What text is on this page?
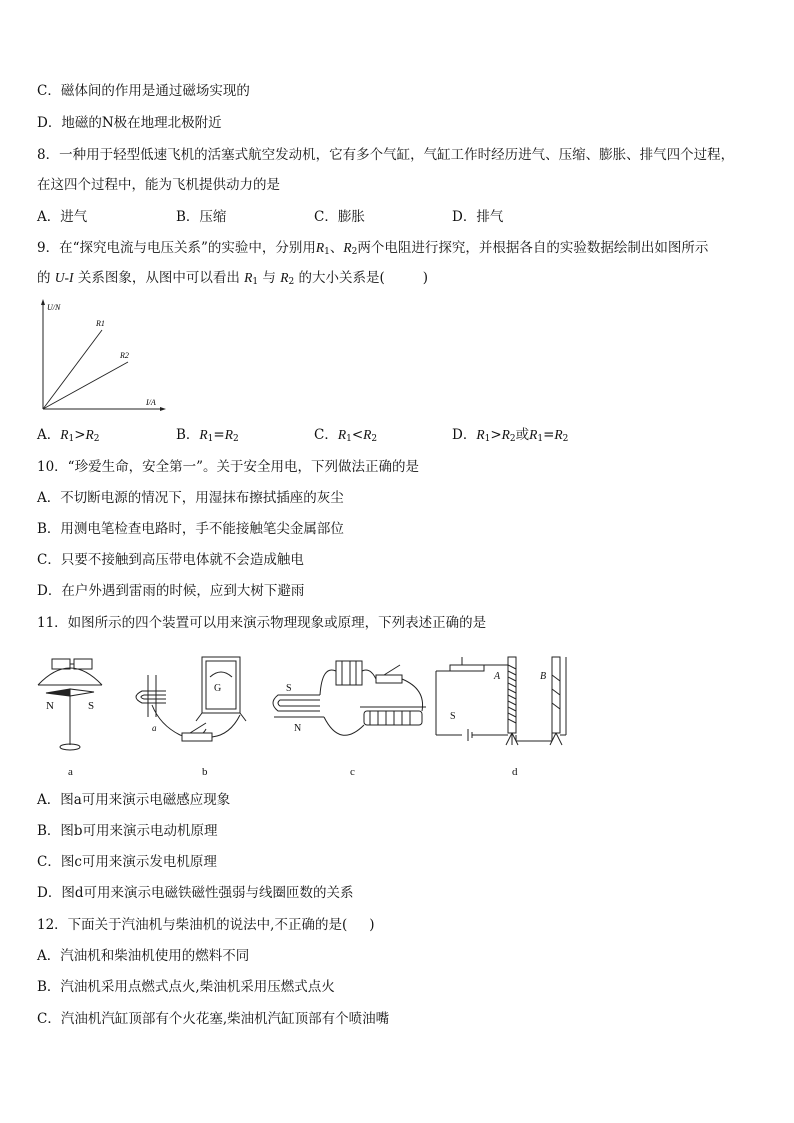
C．磁体间的作用是通过磁场实现的
D．地磁的N极在地理北极附近
8．一种用于轻型低速飞机的活塞式航空发动机，它有多个气缸，气缸工作时经历进气、压缩、膨胀、排气四个过程，
在这四个过程中，能为飞机提供动力的是
A．进气	B．压缩	C．膨胀	D．排气
9．在“探究电流与电压关系”的实验中，分别用$R_1$、$R_2$两个电阻进行探究，并根据各自的实验数据绘制出如图所示
的 U-I 关系图象，从图中可以看出 $R_1$ 与 $R_2$ 的大小关系是(	)
U/N
I/A
R1
R2
A．$R_1>R_2$	B．$R_1=R_2$	C．$R_1<R_2$	D．$R_1>R_2$或$R_1=R_2$
10．“珍爱生命，安全第一”。关于安全用电，下列做法正确的是
A．不切断电源的情况下，用湿抹布擦拭插座的灰尘
B．用测电笔检查电路时，手不能接触笔尖金属部位
C．只要不接触到高压带电体就不会造成触电
D．在户外遇到雷雨的时候，应到大树下避雨
11．如图所示的四个装置可以用来演示物理现象或原理，下列表述正确的是
N	S
a
G
a
b
S
N
c
S
A	B
d
A．图a可用来演示电磁感应现象
B．图b可用来演示电动机原理
C．图c可用来演示发电机原理
D．图d可用来演示电磁铁磁性强弱与线圈匝数的关系
12．下面关于汽油机与柴油机的说法中,不正确的是( )
A．汽油机和柴油机使用的燃料不同
B．汽油机采用点燃式点火,柴油机采用压燃式点火
C．汽油机汽缸顶部有个火花塞,柴油机汽缸顶部有个喷油嘴
